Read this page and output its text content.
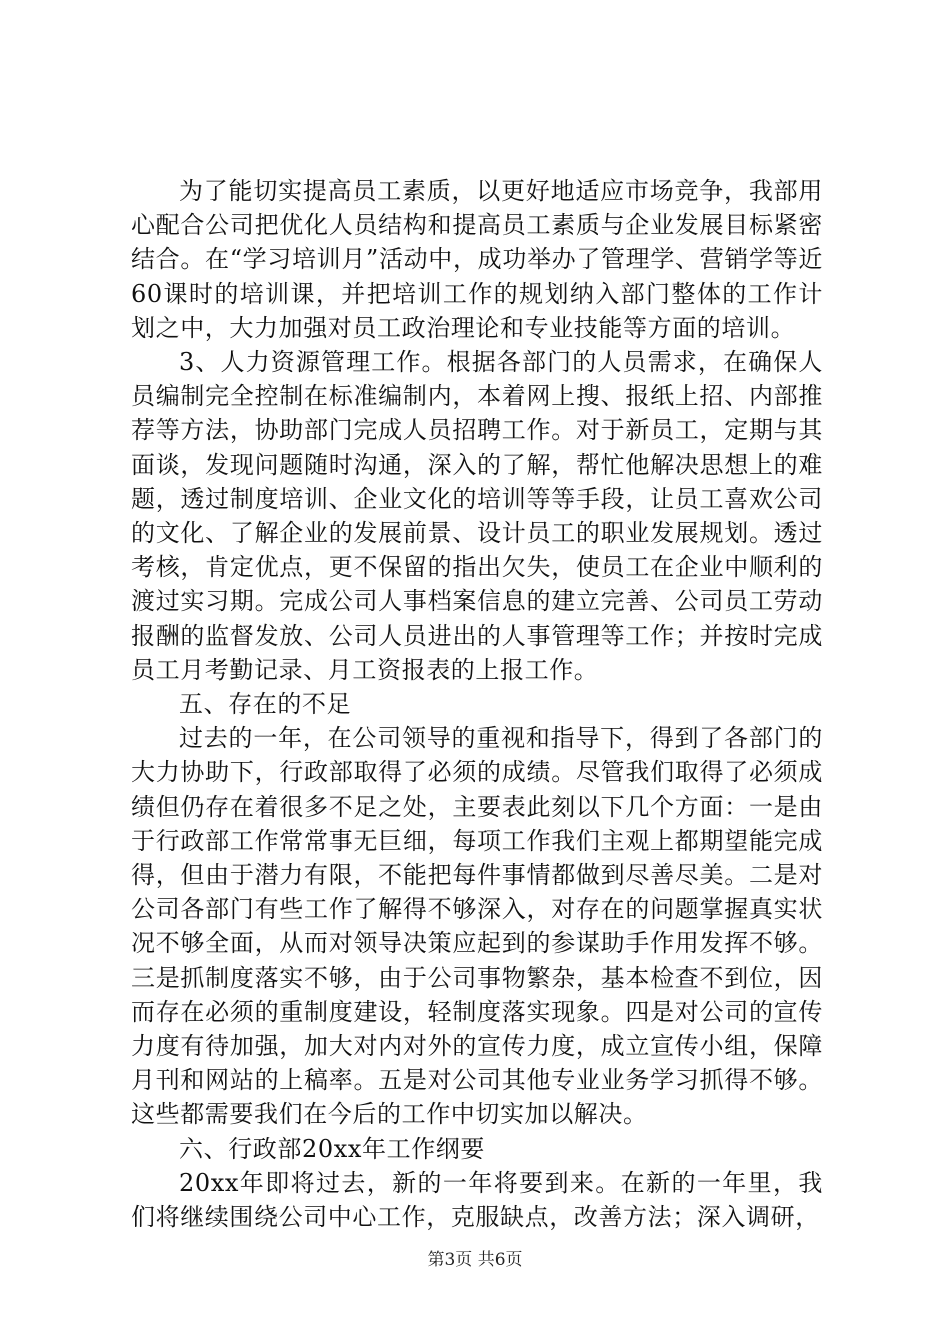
为了能切实提高员工素质，以更好地适应市场竞争，我部用心配合公司把优化人员结构和提高员工素质与企业发展目标紧密结合。在“学习培训月”活动中，成功举办了管理学、营销学等近60课时的培训课，并把培训工作的规划纳入部门整体的工作计划之中，大力加强对员工政治理论和专业技能等方面的培训。

3、人力资源管理工作。根据各部门的人员需求，在确保人员编制完全控制在标准编制内，本着网上搜、报纸上招、内部推荐等方法，协助部门完成人员招聘工作。对于新员工，定期与其面谈，发现问题随时沟通，深入的了解，帮忙他解决思想上的难题，透过制度培训、企业文化的培训等等手段，让员工喜欢公司的文化、了解企业的发展前景、设计员工的职业发展规划。透过考核，肯定优点，更不保留的指出欠失，使员工在企业中顺利的渡过实习期。完成公司人事档案信息的建立完善、公司员工劳动报酬的监督发放、公司人员进出的人事管理等工作；并按时完成员工月考勤记录、月工资报表的上报工作。

五、存在的不足

过去的一年，在公司领导的重视和指导下，得到了各部门的大力协助下，行政部取得了必须的成绩。尽管我们取得了必须成绩但仍存在着很多不足之处，主要表此刻以下几个方面：一是由于行政部工作常常事无巨细，每项工作我们主观上都期望能完成得，但由于潜力有限，不能把每件事情都做到尽善尽美。二是对公司各部门有些工作了解得不够深入，对存在的问题掌握真实状况不够全面，从而对领导决策应起到的参谋助手作用发挥不够。三是抓制度落实不够，由于公司事物繁杂，基本检查不到位，因而存在必须的重制度建设，轻制度落实现象。四是对公司的宣传力度有待加强，加大对内对外的宣传力度，成立宣传小组，保障月刊和网站的上稿率。五是对公司其他专业业务学习抓得不够。这些都需要我们在今后的工作中切实加以解决。

六、行政部20xx年工作纲要

20xx年即将过去，新的一年将要到来。在新的一年里，我们将继续围绕公司中心工作，克服缺点，改善方法；深入调研，

第3页 共6页
